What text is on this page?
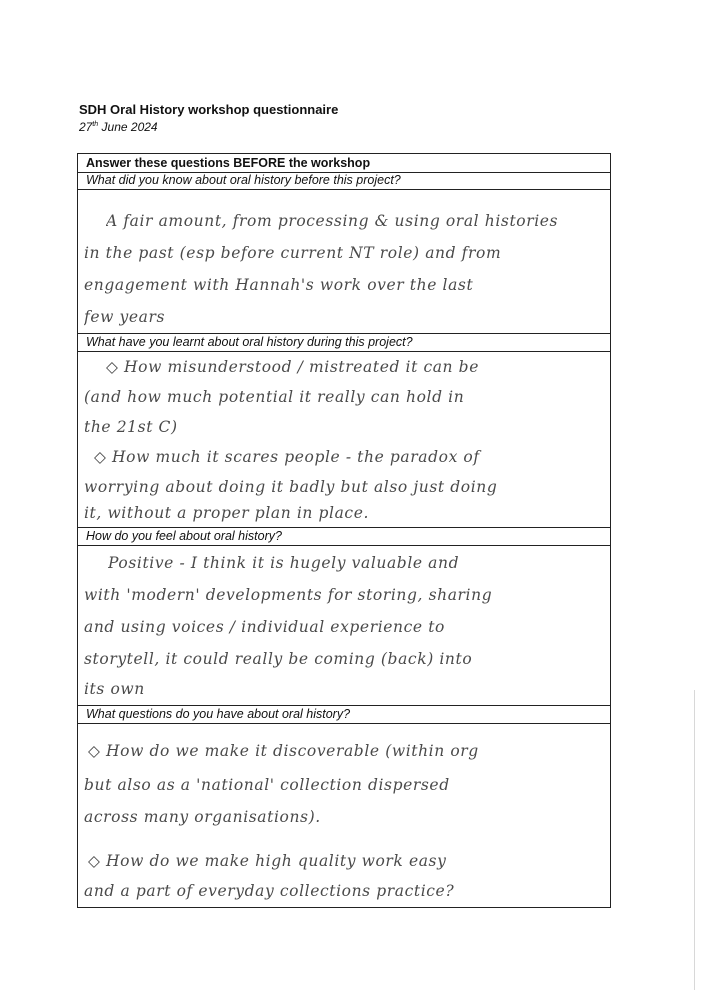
SDH Oral History workshop questionnaire
27th June 2024
Answer these questions BEFORE the workshop
What did you know about oral history before this project?
A fair amount, from processing & using oral histories
in the past (esp before current NT role) and from
engagement with Hannah's work over the last
few years
What have you learnt about oral history during this project?
◇ How misunderstood / mistreated it can be
(and how much potential it really can hold in
the 21st C)
◇ How much it scares people - the paradox of
worrying about doing it badly but also just doing
it, without a proper plan in place.
How do you feel about oral history?
Positive - I think it is hugely valuable and
with 'modern' developments for storing, sharing
and using voices / individual experience to
storytell, it could really be coming (back) into
its own
What questions do you have about oral history?
◇ How do we make it discoverable (within org
but also as a 'national' collection dispersed
across many organisations).
◇ How do we make high quality work easy
and a part of everyday collections practice?
